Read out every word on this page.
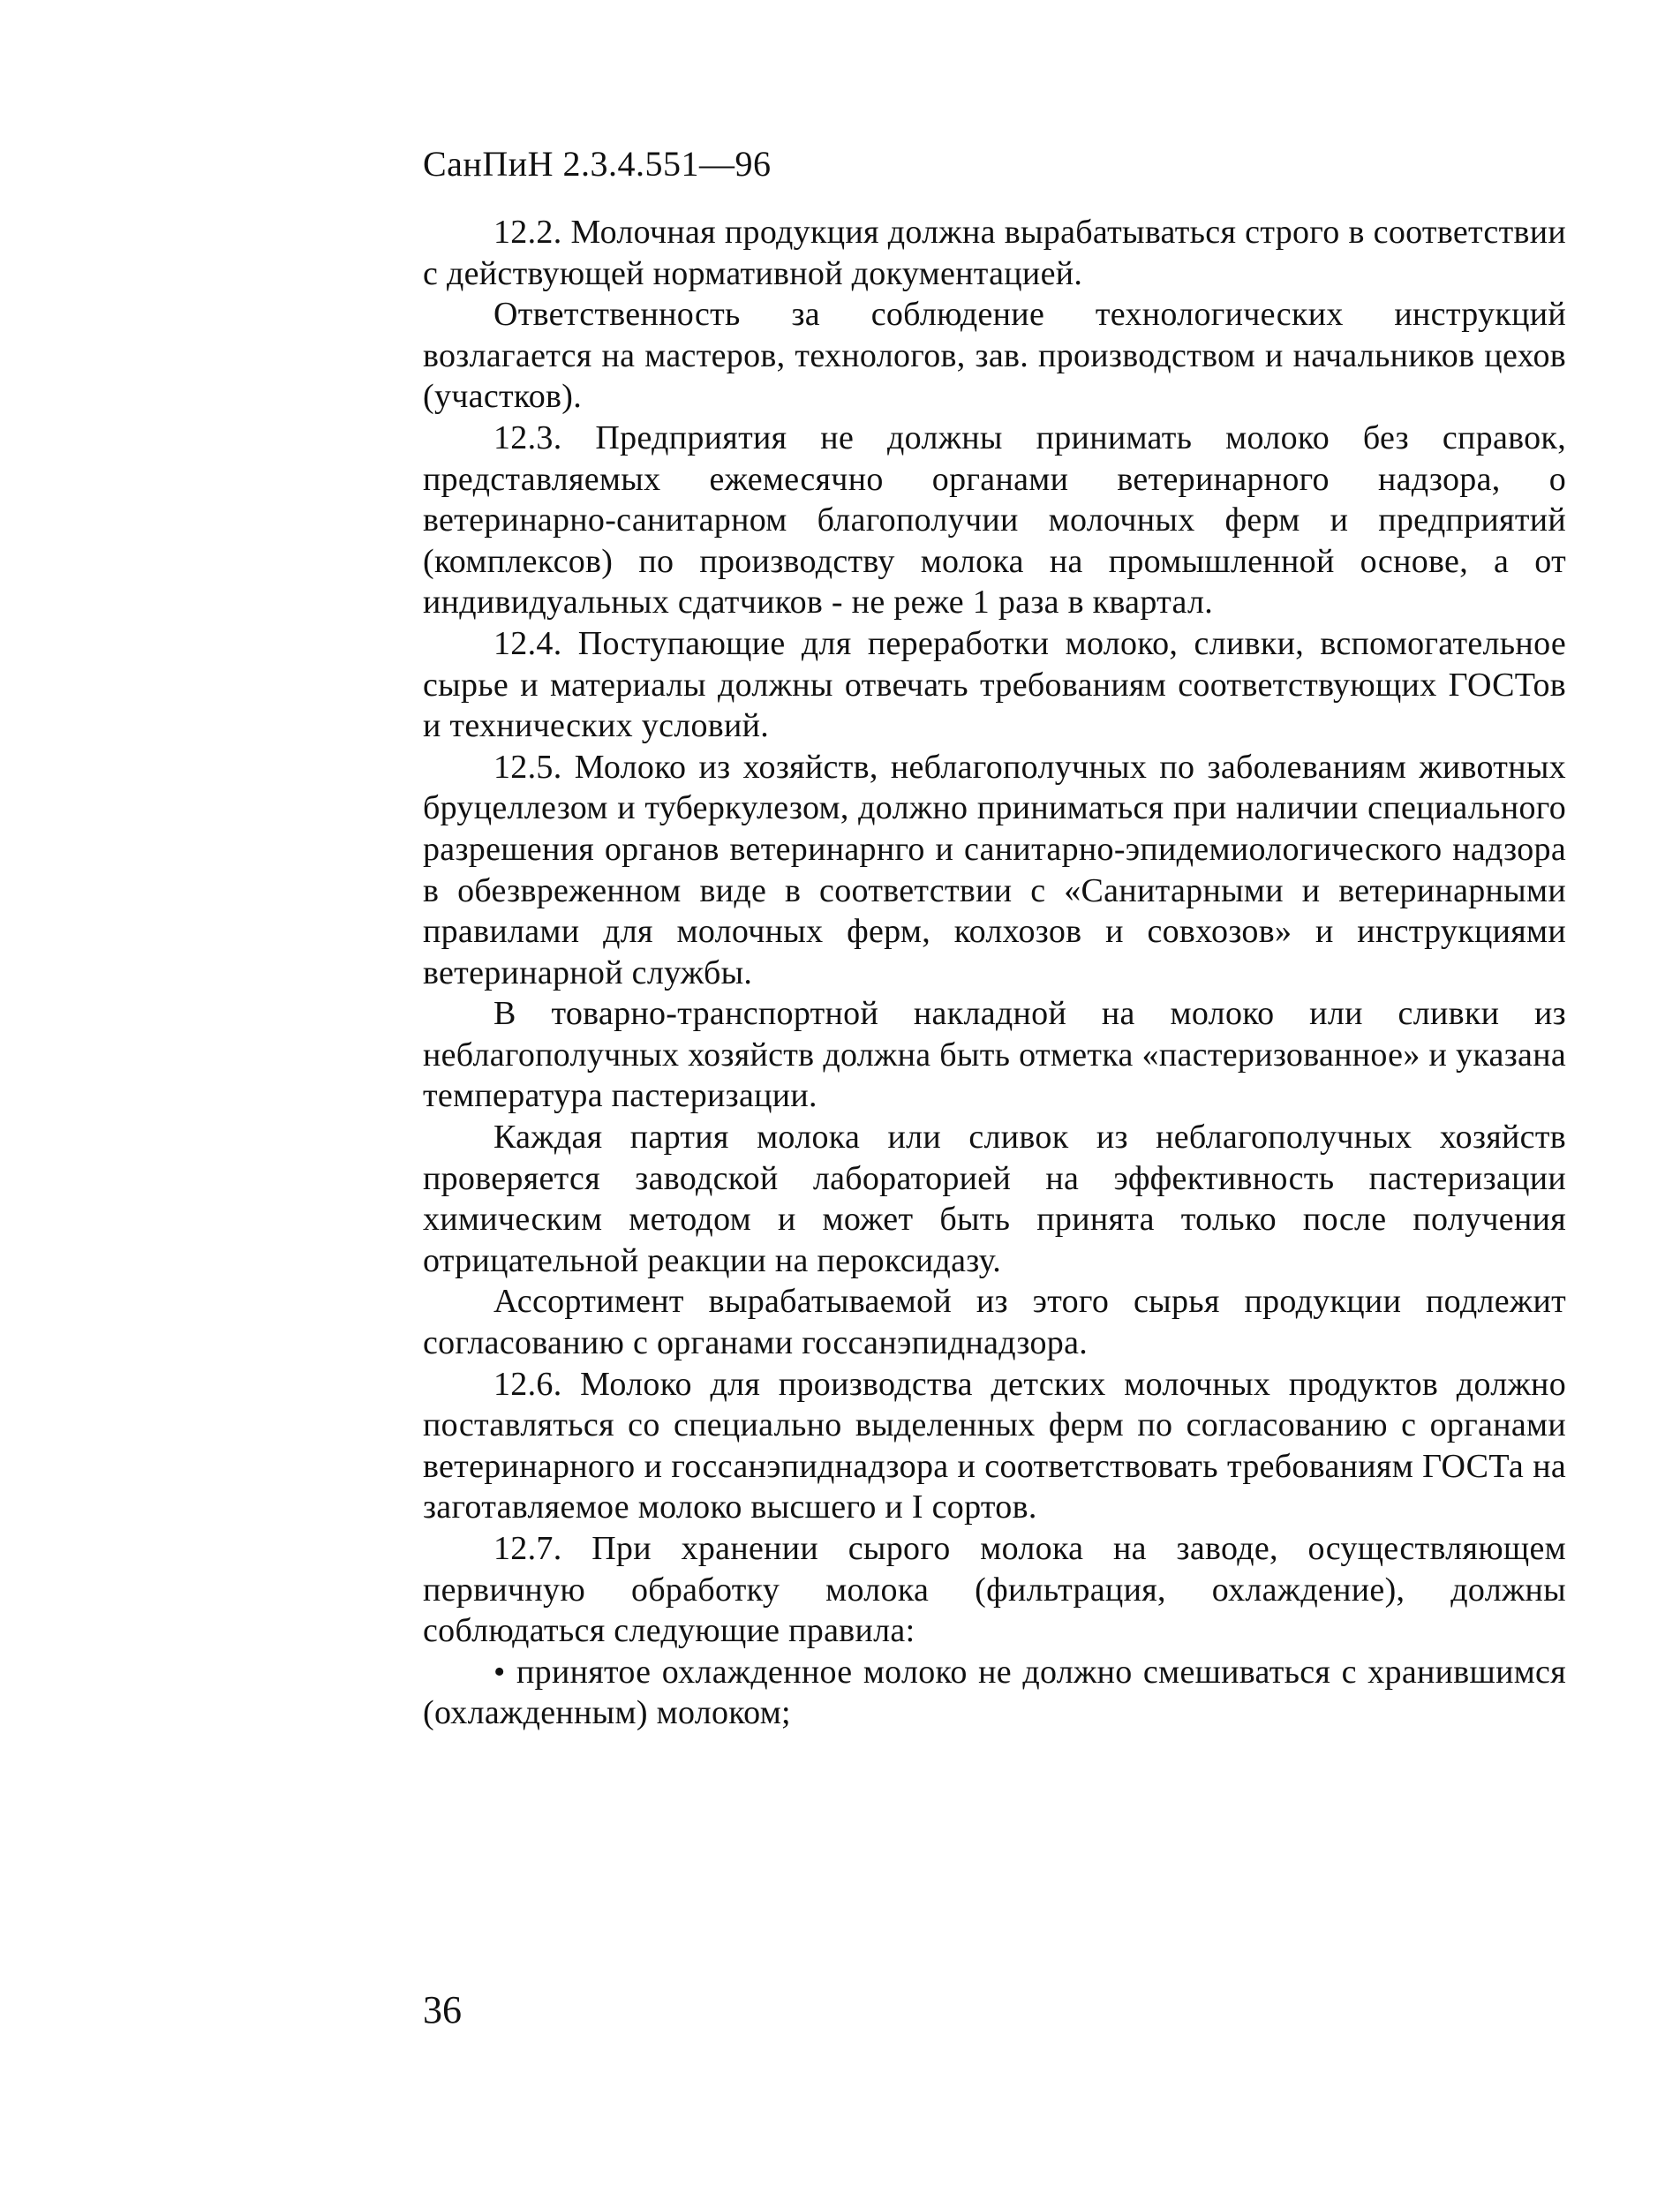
СанПиН 2.3.4.551—96

12.2. Молочная продукция должна вырабатываться строго в соответствии с действующей нормативной документацией.

Ответственность за соблюдение технологических инструкций возлагается на мастеров, технологов, зав. производством и начальников цехов (участков).

12.3. Предприятия не должны принимать молоко без справок, представляемых ежемесячно органами ветеринарного надзора, о ветеринарно-санитарном благополучии молочных ферм и предприятий (комплексов) по производству молока на промышленной основе, а от индивидуальных сдатчиков - не реже 1 раза в квартал.

12.4. Поступающие для переработки молоко, сливки, вспомогательное сырье и материалы должны отвечать требованиям соответствующих ГОСТов и технических условий.

12.5. Молоко из хозяйств, неблагополучных по заболеваниям животных бруцеллезом и туберкулезом, должно приниматься при наличии специального разрешения органов ветеринарнго и санитарно-эпидемиологического надзора в обезвреженном виде в соответствии с «Санитарными и ветеринарными правилами для молочных ферм, колхозов и совхозов» и инструкциями ветеринарной службы.

В товарно-транспортной накладной на молоко или сливки из неблагополучных хозяйств должна быть отметка «пастеризованное» и указана температура пастеризации.

Каждая партия молока или сливок из неблагополучных хозяйств проверяется заводской лабораторией на эффективность пастеризации химическим методом и может быть принята только после получения отрицательной реакции на пероксидазу.

Ассортимент вырабатываемой из этого сырья продукции подлежит согласованию с органами госсанэпиднадзора.

12.6. Молоко для производства детских молочных продуктов должно поставляться со специально выделенных ферм по согласованию с органами ветеринарного и госсанэпиднадзора и соответствовать требованиям ГОСТа на заготавляемое молоко высшего и I сортов.

12.7. При хранении сырого молока на заводе, осуществляющем первичную обработку молока (фильтрация, охлаждение), должны соблюдаться следующие правила:

• принятое охлажденное молоко не должно смешиваться с хранившимся (охлажденным) молоком;

36
